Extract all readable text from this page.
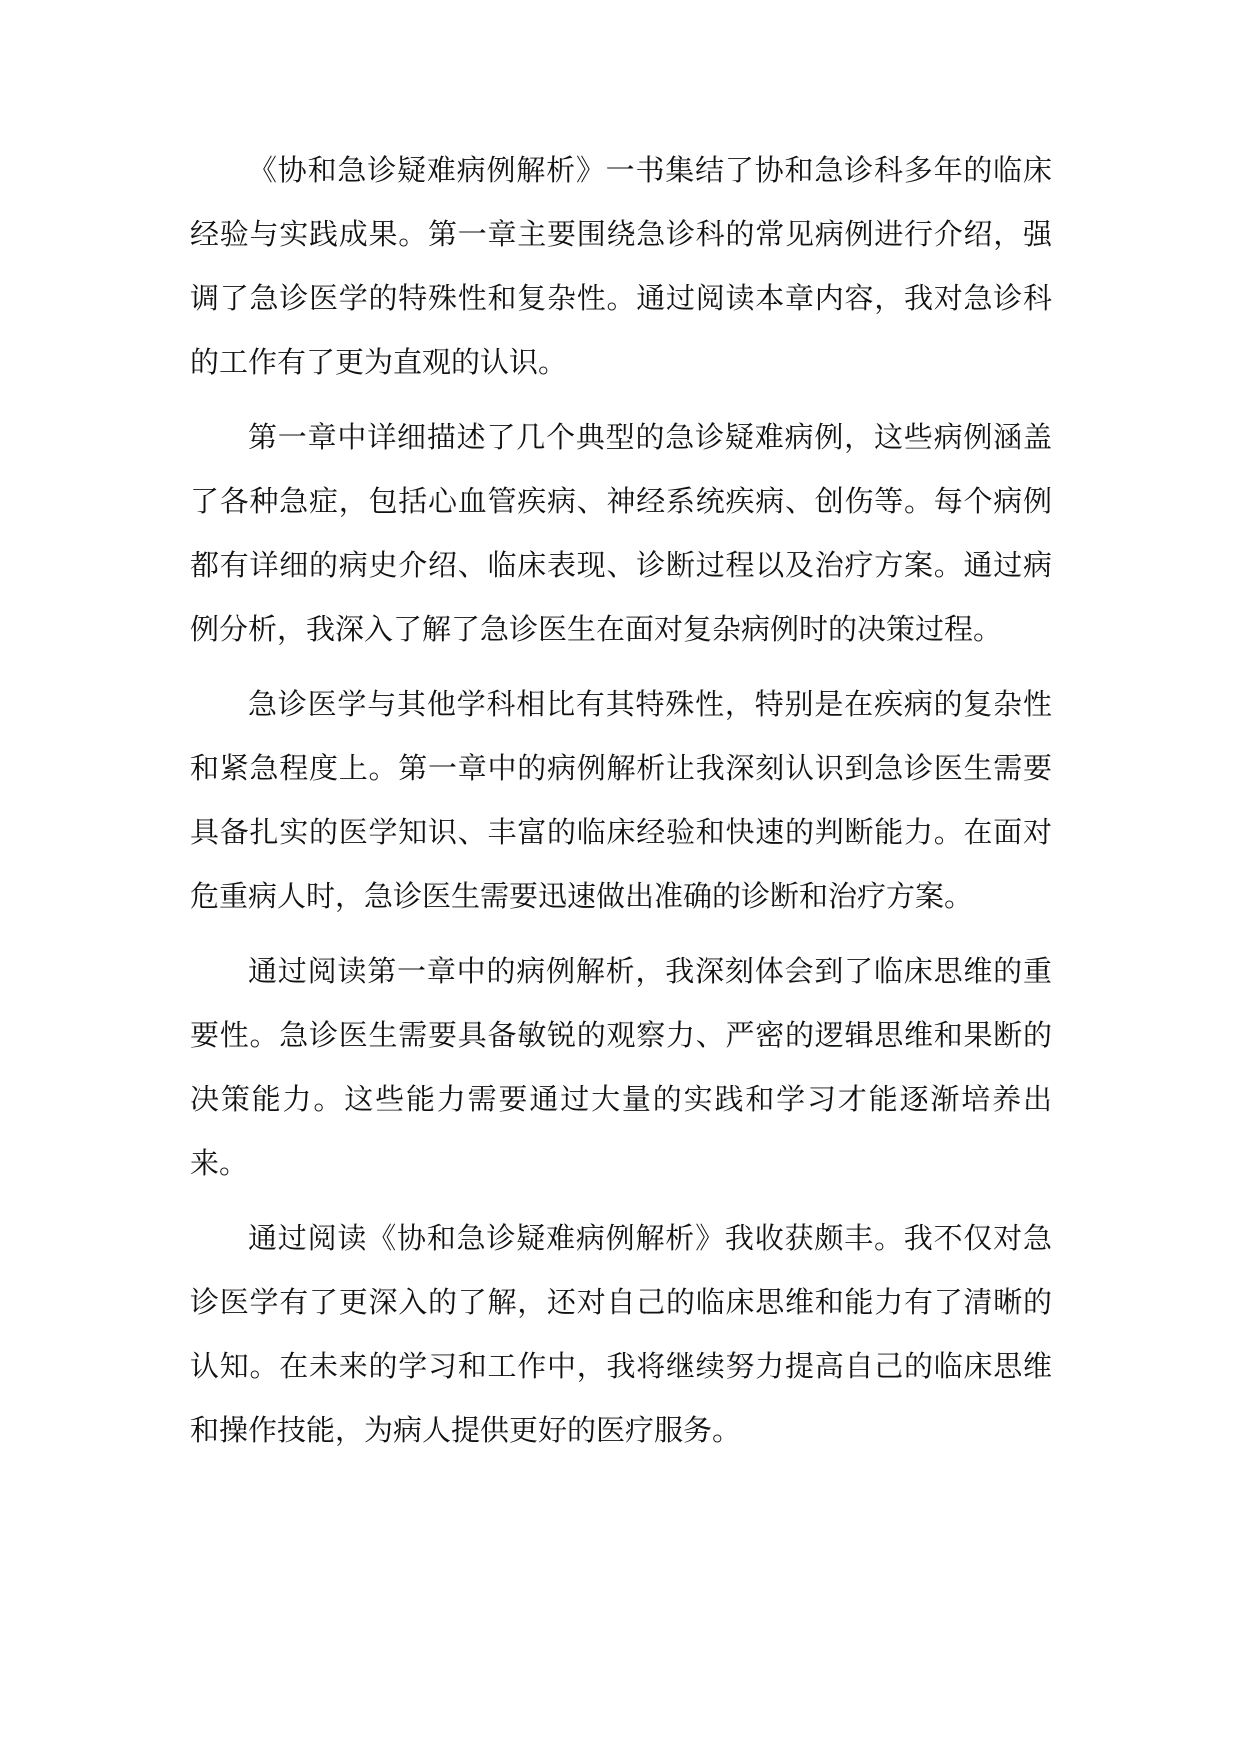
《协和急诊疑难病例解析》一书集结了协和急诊科多年的临床经验与实践成果。第一章主要围绕急诊科的常见病例进行介绍，强调了急诊医学的特殊性和复杂性。通过阅读本章内容，我对急诊科的工作有了更为直观的认识。

第一章中详细描述了几个典型的急诊疑难病例，这些病例涵盖了各种急症，包括心血管疾病、神经系统疾病、创伤等。每个病例都有详细的病史介绍、临床表现、诊断过程以及治疗方案。通过病例分析，我深入了解了急诊医生在面对复杂病例时的决策过程。

急诊医学与其他学科相比有其特殊性，特别是在疾病的复杂性和紧急程度上。第一章中的病例解析让我深刻认识到急诊医生需要具备扎实的医学知识、丰富的临床经验和快速的判断能力。在面对危重病人时，急诊医生需要迅速做出准确的诊断和治疗方案。

通过阅读第一章中的病例解析，我深刻体会到了临床思维的重要性。急诊医生需要具备敏锐的观察力、严密的逻辑思维和果断的决策能力。这些能力需要通过大量的实践和学习才能逐渐培养出来。

通过阅读《协和急诊疑难病例解析》我收获颇丰。我不仅对急诊医学有了更深入的了解，还对自己的临床思维和能力有了清晰的认知。在未来的学习和工作中，我将继续努力提高自己的临床思维和操作技能，为病人提供更好的医疗服务。
